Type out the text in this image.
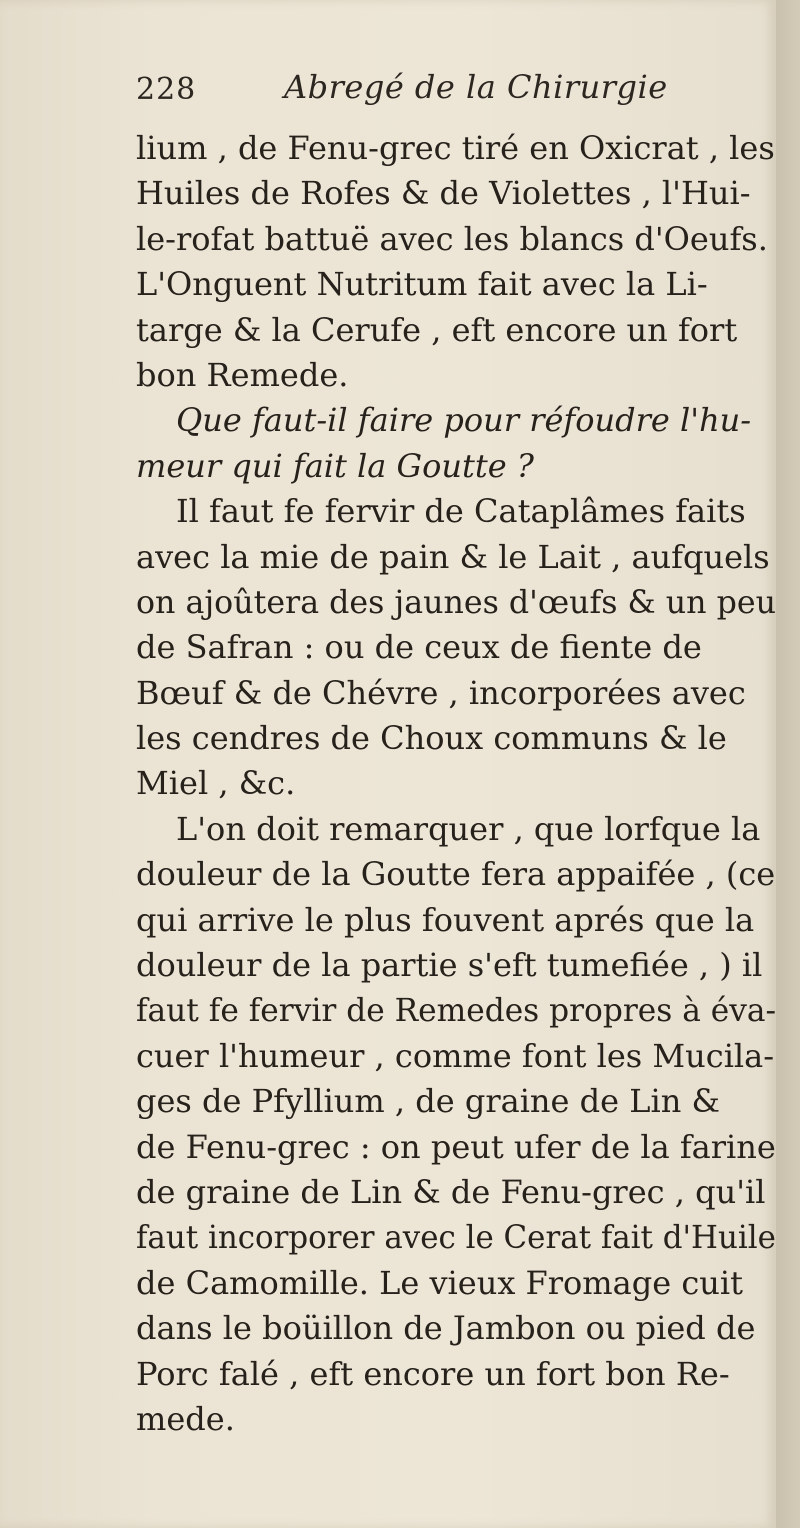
228	Abregé de la Chirurgie
lium , de Fenu-grec tiré en Oxicrat , les
Huiles de Rofes & de Violettes , l'Hui-
le-rofat battuë avec les blancs d'Oeufs.
L'Onguent Nutritum fait avec la Li-
targe & la Cerufe , eft encore un fort
bon Remede.
Que faut-il faire pour réfoudre l'hu-
meur qui fait la Goutte ?
Il faut fe fervir de Cataplâmes faits
avec la mie de pain & le Lait , aufquels
on ajoûtera des jaunes d'œufs & un peu
de Safran : ou de ceux de fiente de
Bœuf & de Chévre , incorporées avec
les cendres de Choux communs & le
Miel , &c.
L'on doit remarquer , que lorfque la
douleur de la Goutte fera appaifée , (ce
qui arrive le plus fouvent aprés que la
douleur de la partie s'eft tumefiée , ) il
faut fe fervir de Remedes propres à éva-
cuer l'humeur , comme font les Mucila-
ges de Pfyllium , de graine de Lin &
de Fenu-grec : on peut ufer de la farine
de graine de Lin & de Fenu-grec , qu'il
faut incorporer avec le Cerat fait d'Huile
de Camomille. Le vieux Fromage cuit
dans le boüillon de Jambon ou pied de
Porc falé , eft encore un fort bon Re-
mede.
